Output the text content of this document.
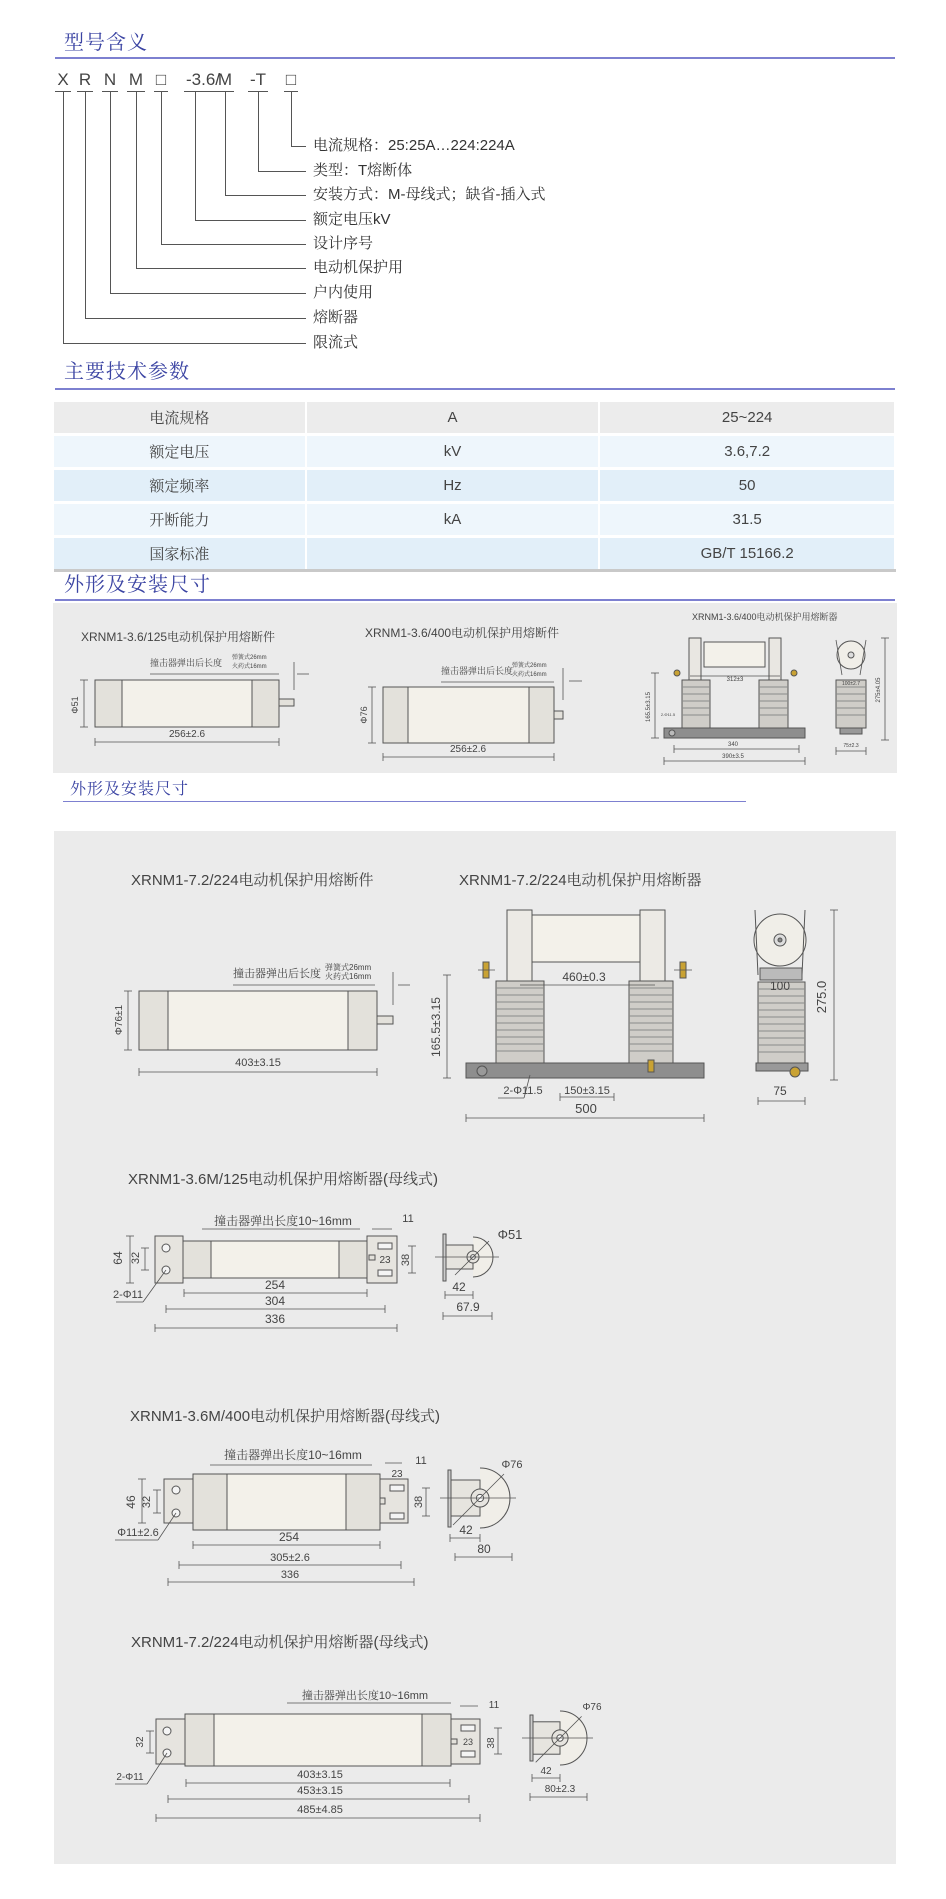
型号含义
X R N M □	-3.6/
M -T	□
电流规格：25:25A…224:224A
类型：T熔断体
安装方式：M-母线式；缺省-插入式
额定电压kV
设计序号
电动机保护用
户内使用
熔断器
限流式
主要技术参数
电流规格	A	25~224
额定电压	kV	3.6,7.2
额定频率	Hz	50
开断能力	kA	31.5
国家标准		GB/T 15166.2
外形及安装尺寸
外形及安装尺寸
XRNM1-3.6/125电动机保护用熔断件
撞击器弹出后长度 弹簧式26mm
火药式16mm
Φ51
256±2.6
XRNM1-3.6/400电动机保护用熔断件
撞击器弹出后长度
弹簧式26mm
火药式16mm
Φ76
256±2.6
XRNM1-3.6/400电动机保护用熔断器
312±3
165.5±3.15 2-Φ11.5
340
390±3.5
100±2.7	275±4.05
75±2.3
XRNM1-7.2/224电动机保护用熔断件
撞击器弹出后长度
弹簧式26mm
火药式16mm
Φ76±1
403±3.15
XRNM1-7.2/224电动机保护用熔断器
460±0.3
165.5±3.15
2-Φ11.5 150±3.15
500
100 275.0
75
XRNM1-3.6M/125电动机保护用熔断器(母线式)
撞击器弹出长度10~16mm	11
23 38
64 32
2-Φ11
254
304
336
Φ51
42
67.9
XRNM1-3.6M/400电动机保护用熔断器(母线式)
撞击器弹出长度10~16mm	11
23
38
46 32
Φ11±2.6	254
305±2.6
336
Φ76
42
80
XRNM1-7.2/224电动机保护用熔断器(母线式)
撞击器弹出长度10~16mm
11
23 38
32
2-Φ11	403±3.15
453±3.15
485±4.85
Φ76
42
80±2.3
